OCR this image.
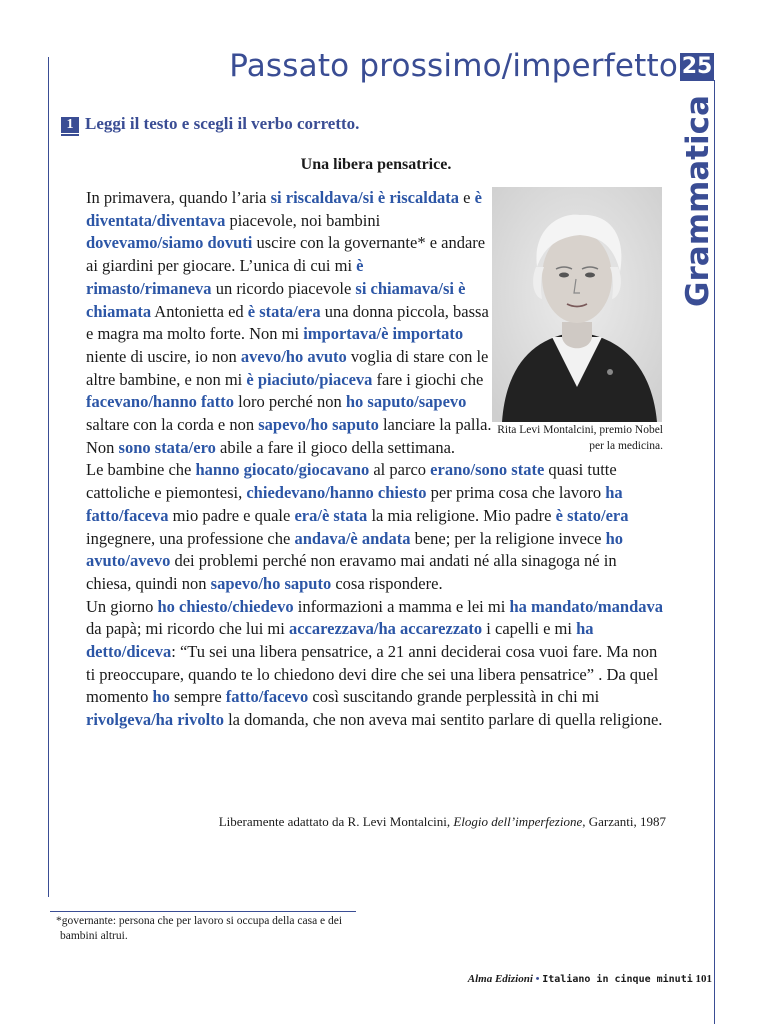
Passato prossimo/imperfetto 25
Grammatica
1 Leggi il testo e scegli il verbo corretto.
Una libera pensatrice.
Rita Levi Montalcini, premio Nobel per la medicina.

In primavera, quando l’aria si riscaldava/si è riscaldata e è diventata/diventava piacevole, noi bambini dovevamo/siamo dovuti uscire con la governante* e andare ai giardini per giocare. L’unica di cui mi è rimasto/rimaneva un ricordo piacevole si chiamava/si è chiamata Antonietta ed è stata/era una donna piccola, bassa e magra ma molto forte. Non mi importava/è importato niente di uscire, io non avevo/ho avuto voglia di stare con le altre bambine, e non mi è piaciuto/piaceva fare i giochi che facevano/hanno fatto loro perché non ho saputo/sapevo saltare con la corda e non sapevo/ho saputo lanciare la palla. Non sono stata/ero abile a fare il gioco della settimana.

Le bambine che hanno giocato/giocavano al parco erano/sono state quasi tutte cattoliche e piemontesi, chiedevano/hanno chiesto per prima cosa che lavoro ha fatto/faceva mio padre e quale era/è stata la mia religione. Mio padre è stato/era ingegnere, una professione che andava/è andata bene; per la religione invece ho avuto/avevo dei problemi perché non eravamo mai andati né alla sinagoga né in chiesa, quindi non sapevo/ho saputo cosa rispondere.

Un giorno ho chiesto/chiedevo informazioni a mamma e lei mi ha mandato/mandava da papà; mi ricordo che lui mi accarezzava/ha accarezzato i capelli e mi ha detto/diceva: “Tu sei una libera pensatrice, a 21 anni deciderai cosa vuoi fare. Ma non ti preoccupare, quando te lo chiedono devi dire che sei una libera pensatrice” . Da quel momento ho sempre fatto/facevo così suscitando grande perplessità in chi mi rivolgeva/ha rivolto la domanda, che non aveva mai sentito parlare di quella religione.

Liberamente adattato da R. Levi Montalcini, Elogio dell’imperfezione, Garzanti, 1987
*governante: persona che per lavoro si occupa della casa e dei bambini altrui.
Alma Edizioni • Italiano in cinque minuti 101
